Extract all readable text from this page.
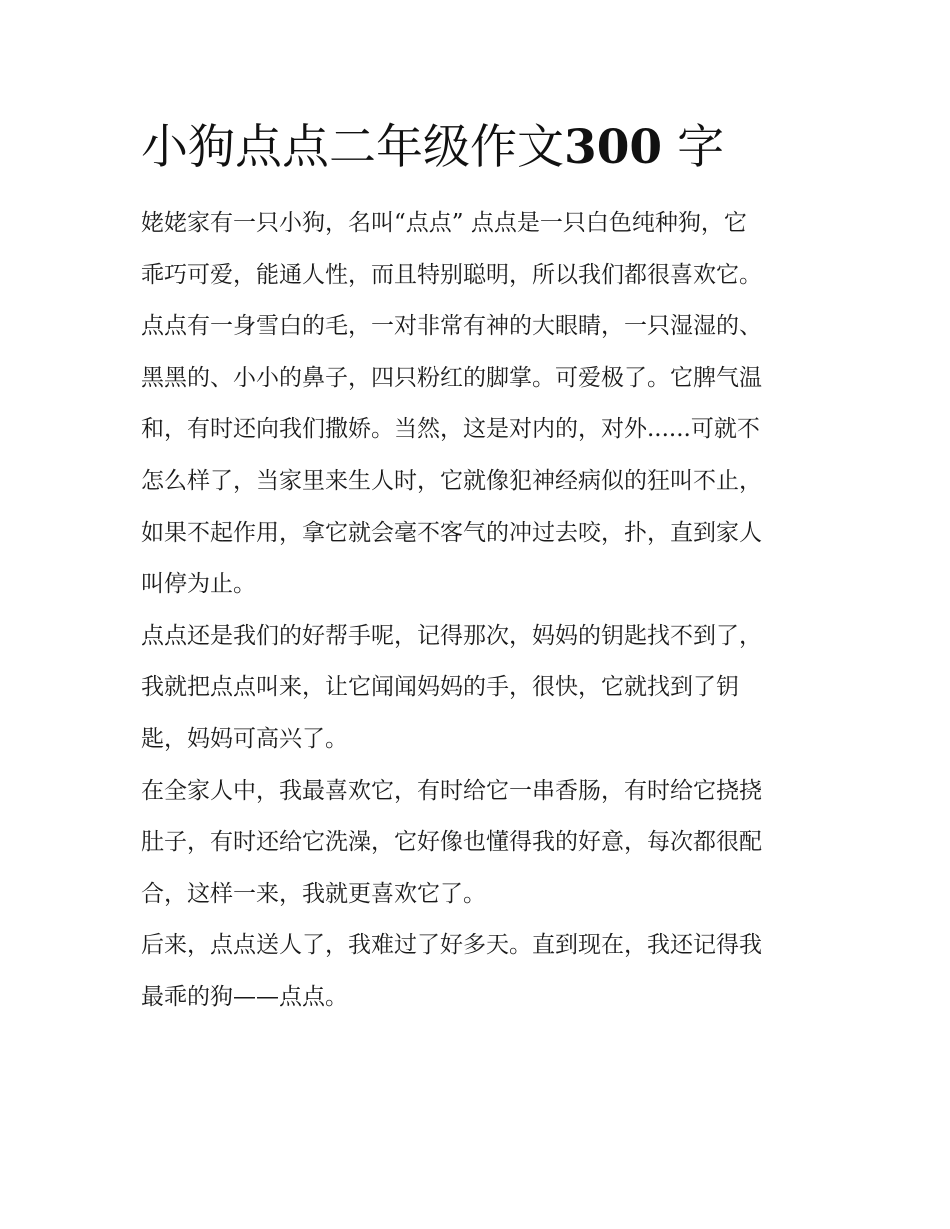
小狗点点二年级作文300 字
姥姥家有一只小狗，名叫“点点” 点点是一只白色纯种狗，它
乖巧可爱，能通人性，而且特别聪明，所以我们都很喜欢它。
点点有一身雪白的毛，一对非常有神的大眼睛，一只湿湿的、
黑黑的、小小的鼻子，四只粉红的脚掌。可爱极了。它脾气温
和，有时还向我们撒娇。当然，这是对内的，对外......可就不
怎么样了，当家里来生人时，它就像犯神经病似的狂叫不止，
如果不起作用，拿它就会毫不客气的冲过去咬，扑，直到家人
叫停为止。
点点还是我们的好帮手呢，记得那次，妈妈的钥匙找不到了，
我就把点点叫来，让它闻闻妈妈的手，很快，它就找到了钥
匙，妈妈可高兴了。
在全家人中，我最喜欢它，有时给它一串香肠，有时给它挠挠
肚子，有时还给它洗澡，它好像也懂得我的好意，每次都很配
合，这样一来，我就更喜欢它了。
后来，点点送人了，我难过了好多天。直到现在，我还记得我
最乖的狗——点点。
